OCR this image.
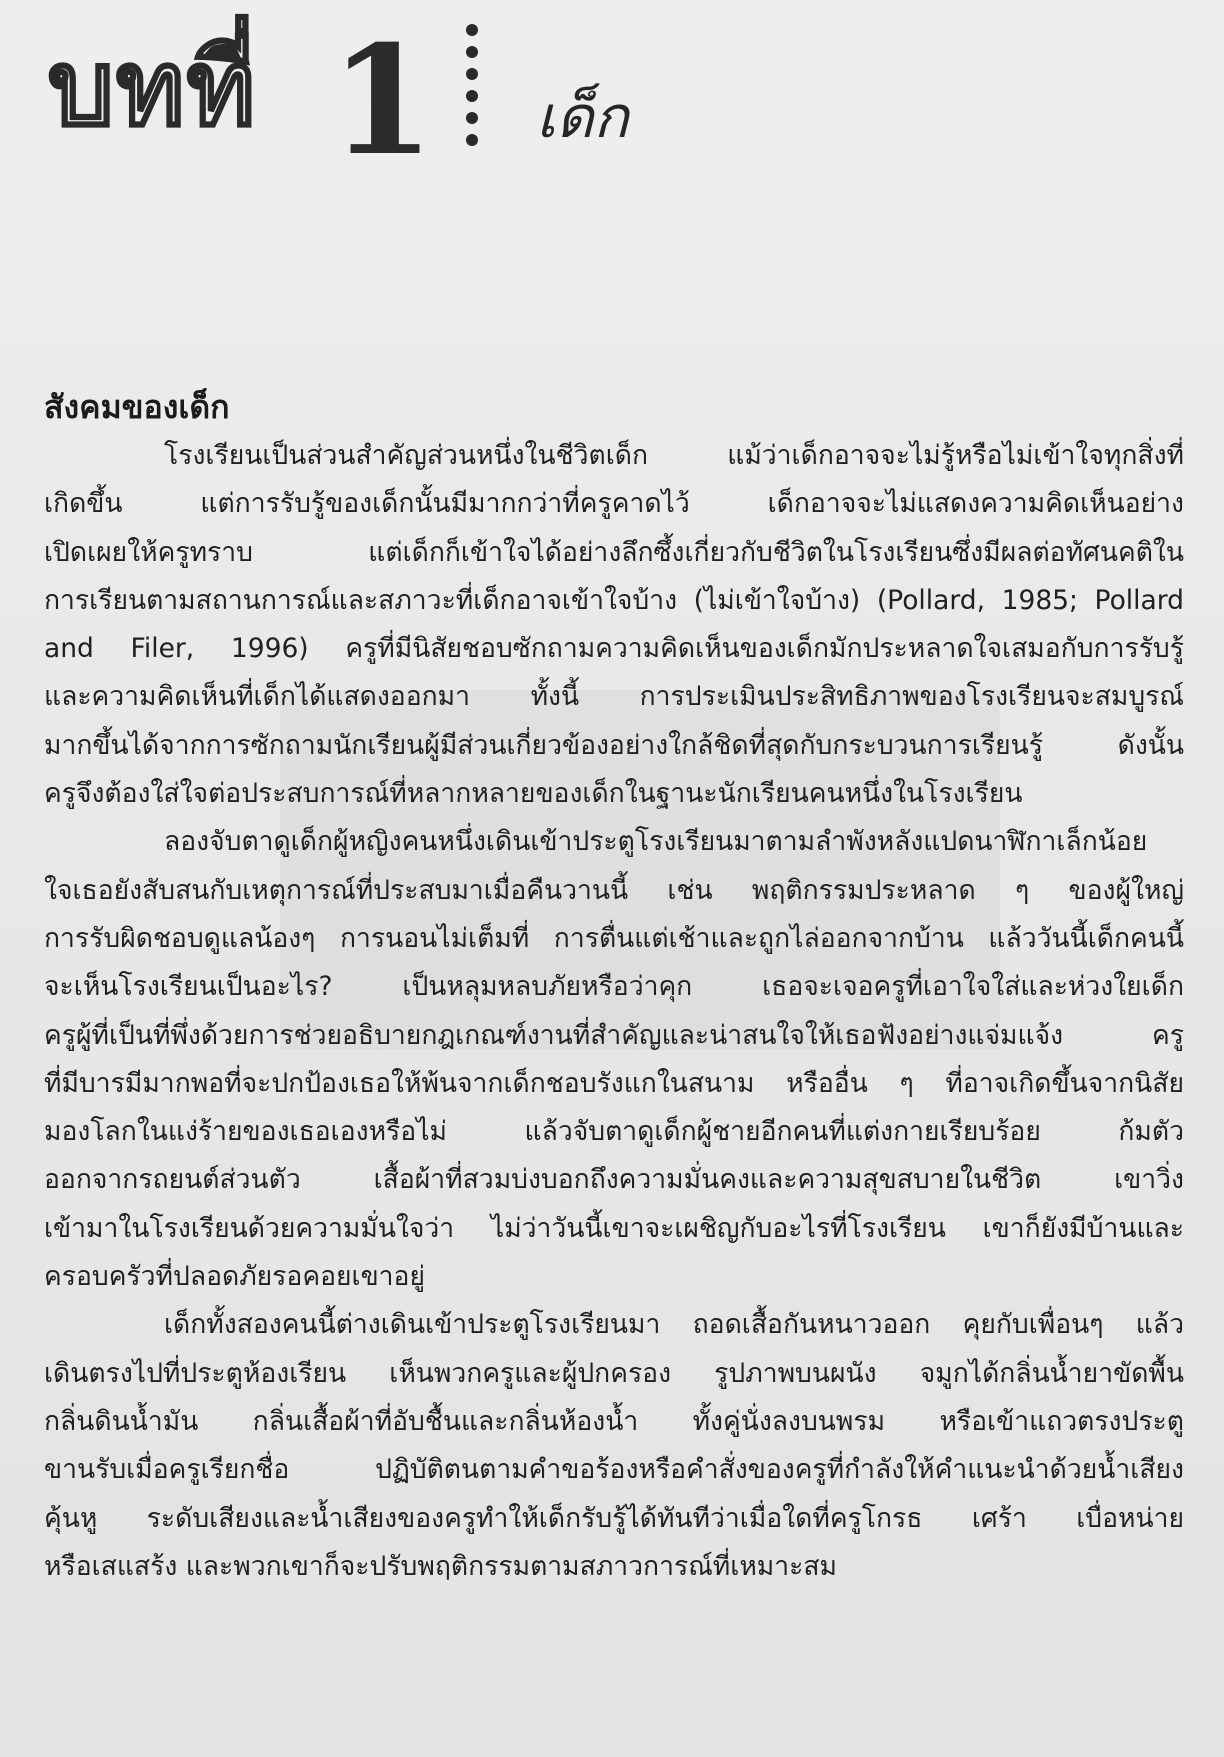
บทที่ 1 เด็ก
สังคมของเด็ก

โรงเรียนเป็นส่วนสำคัญส่วนหนึ่งในชีวิตเด็ก แม้ว่าเด็กอาจจะไม่รู้หรือไม่เข้าใจทุกสิ่งที่
เกิดขึ้น แต่การรับรู้ของเด็กนั้นมีมากกว่าที่ครูคาดไว้ เด็กอาจจะไม่แสดงความคิดเห็นอย่าง
เปิดเผยให้ครูทราบ แต่เด็กก็เข้าใจได้อย่างลึกซึ้งเกี่ยวกับชีวิตในโรงเรียนซึ่งมีผลต่อทัศนคติใน
การเรียนตามสถานการณ์และสภาวะที่เด็กอาจเข้าใจบ้าง (ไม่เข้าใจบ้าง) (Pollard, 1985; Pollard
and Filer, 1996) ครูที่มีนิสัยชอบซักถามความคิดเห็นของเด็กมักประหลาดใจเสมอกับการรับรู้
และความคิดเห็นที่เด็กได้แสดงออกมา ทั้งนี้ การประเมินประสิทธิภาพของโรงเรียนจะสมบูรณ์
มากขึ้นได้จากการซักถามนักเรียนผู้มีส่วนเกี่ยวข้องอย่างใกล้ชิดที่สุดกับกระบวนการเรียนรู้ ดังนั้น
ครูจึงต้องใส่ใจต่อประสบการณ์ที่หลากหลายของเด็กในฐานะนักเรียนคนหนึ่งในโรงเรียน

ลองจับตาดูเด็กผู้หญิงคนหนึ่งเดินเข้าประตูโรงเรียนมาตามลำพังหลังแปดนาฬิกาเล็กน้อย
ใจเธอยังสับสนกับเหตุการณ์ที่ประสบมาเมื่อคืนวานนี้ เช่น พฤติกรรมประหลาด ๆ ของผู้ใหญ่
การรับผิดชอบดูแลน้องๆ การนอนไม่เต็มที่ การตื่นแต่เช้าและถูกไล่ออกจากบ้าน แล้ววันนี้เด็กคนนี้
จะเห็นโรงเรียนเป็นอะไร? เป็นหลุมหลบภัยหรือว่าคุก เธอจะเจอครูที่เอาใจใส่และห่วงใยเด็ก
ครูผู้ที่เป็นที่พึ่งด้วยการช่วยอธิบายกฎเกณฑ์งานที่สำคัญและน่าสนใจให้เธอฟังอย่างแจ่มแจ้ง ครู
ที่มีบารมีมากพอที่จะปกป้องเธอให้พ้นจากเด็กชอบรังแกในสนาม หรืออื่น ๆ ที่อาจเกิดขึ้นจากนิสัย
มองโลกในแง่ร้ายของเธอเองหรือไม่ แล้วจับตาดูเด็กผู้ชายอีกคนที่แต่งกายเรียบร้อย ก้มตัว
ออกจากรถยนต์ส่วนตัว เสื้อผ้าที่สวมบ่งบอกถึงความมั่นคงและความสุขสบายในชีวิต เขาวิ่ง
เข้ามาในโรงเรียนด้วยความมั่นใจว่า ไม่ว่าวันนี้เขาจะเผชิญกับอะไรที่โรงเรียน เขาก็ยังมีบ้านและ
ครอบครัวที่ปลอดภัยรอคอยเขาอยู่

เด็กทั้งสองคนนี้ต่างเดินเข้าประตูโรงเรียนมา ถอดเสื้อกันหนาวออก คุยกับเพื่อนๆ แล้ว
เดินตรงไปที่ประตูห้องเรียน เห็นพวกครูและผู้ปกครอง รูปภาพบนผนัง จมูกได้กลิ่นน้ำยาขัดพื้น
กลิ่นดินน้ำมัน กลิ่นเสื้อผ้าที่อับชื้นและกลิ่นห้องน้ำ ทั้งคู่นั่งลงบนพรม หรือเข้าแถวตรงประตู
ขานรับเมื่อครูเรียกชื่อ ปฏิบัติตนตามคำขอร้องหรือคำสั่งของครูที่กำลังให้คำแนะนำด้วยน้ำเสียง
คุ้นหู ระดับเสียงและน้ำเสียงของครูทำให้เด็กรับรู้ได้ทันทีว่าเมื่อใดที่ครูโกรธ เศร้า เบื่อหน่าย
หรือเสแสร้ง และพวกเขาก็จะปรับพฤติกรรมตามสภาวการณ์ที่เหมาะสม
